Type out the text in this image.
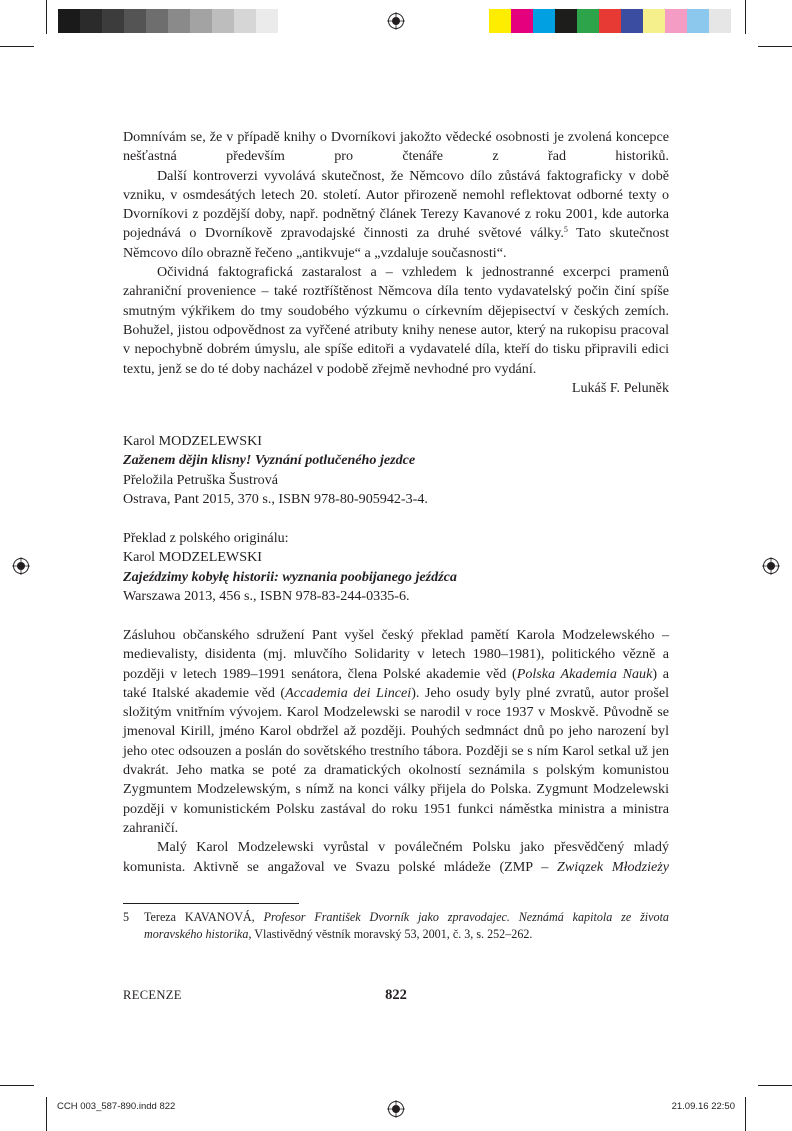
Domnívám se, že v případě knihy o Dvorníkovi jakožto vědecké osobnosti je zvolená koncepce nešťastná především pro čtenáře z řad historiků.

Další kontroverzi vyvolává skutečnost, že Němcovo dílo zůstává faktograficky v době vzniku, v osmdesátých letech 20. století. Autor přirozeně nemohl reflektovat odborné texty o Dvorníkovi z pozdější doby, např. podnětný článek Terezy Kavanové z roku 2001, kde autorka pojednává o Dvorníkově zpravodajské činnosti za druhé světové války.$^5$ Tato skutečnost Němcovo dílo obrazně řečeno „antikvuje“ a „vzdaluje současnosti“.

Očividná faktografická zastaralost a – vzhledem k jednostranné excerpci pramenů zahraniční provenience – také roztříštěnost Němcova díla tento vydavatelský počin činí spíše smutným výkřikem do tmy soudobého výzkumu o církevním dějepisectví v českých zemích. Bohužel, jistou odpovědnost za vyřčené atributy knihy nenese autor, který na rukopisu pracoval v nepochybně dobrém úmyslu, ale spíše editoři a vydavatelé díla, kteří do tisku připravili edici textu, jenž se do té doby nacházel v podobě zřejmě nevhodné pro vydání.

Lukáš F. Peluněk

Karol MODZELEWSKI
Zaženem dějin klisny! Vyznání potlučeného jezdce
Přeložila Petruška Šustrová
Ostrava, Pant 2015, 370 s., ISBN 978-80-905942-3-4.
Překlad z polského originálu:
Karol MODZELEWSKI
Zajeździmy kobyłę historii: wyznania poobijanego jeźdźca
Warszawa 2013, 456 s., ISBN 978-83-244-0335-6.

Zásluhou občanského sdružení Pant vyšel český překlad pamětí Karola Modzelewského – medievalisty, disidenta (mj. mluvčího Solidarity v letech 1980–1981), politického vězně a později v letech 1989–1991 senátora, člena Polské akademie věd (Polska Akademia Nauk) a také Italské akademie věd (Accademia dei Lincei). Jeho osudy byly plné zvratů, autor prošel složitým vnitřním vývojem. Karol Modzelewski se narodil v roce 1937 v Moskvě. Původně se jmenoval Kirill, jméno Karol obdržel až později. Pouhých sedmnáct dnů po jeho narození byl jeho otec odsouzen a poslán do sovětského trestního tábora. Později se s ním Karol setkal už jen dvakrát. Jeho matka se poté za dramatických okolností seznámila s polským komunistou Zygmuntem Modzelewským, s nímž na konci války přijela do Polska. Zygmunt Modzelewski později v komunistickém Polsku zastával do roku 1951 funkci náměstka ministra a ministra zahraničí.

Malý Karol Modzelewski vyrůstal v poválečném Polsku jako přesvědčený mladý komunista. Aktivně se angažoval ve Svazu polské mládeže (ZMP – Związek Młodzieży

5 Tereza KAVANOVÁ, Profesor František Dvorník jako zpravodajec. Neznámá kapitola ze života moravského historika, Vlastivědný věstník moravský 53, 2001, č. 3, s. 252–262.
RECENZE	822
CCH 003_587-890.indd 822	21.09.16 22:50
